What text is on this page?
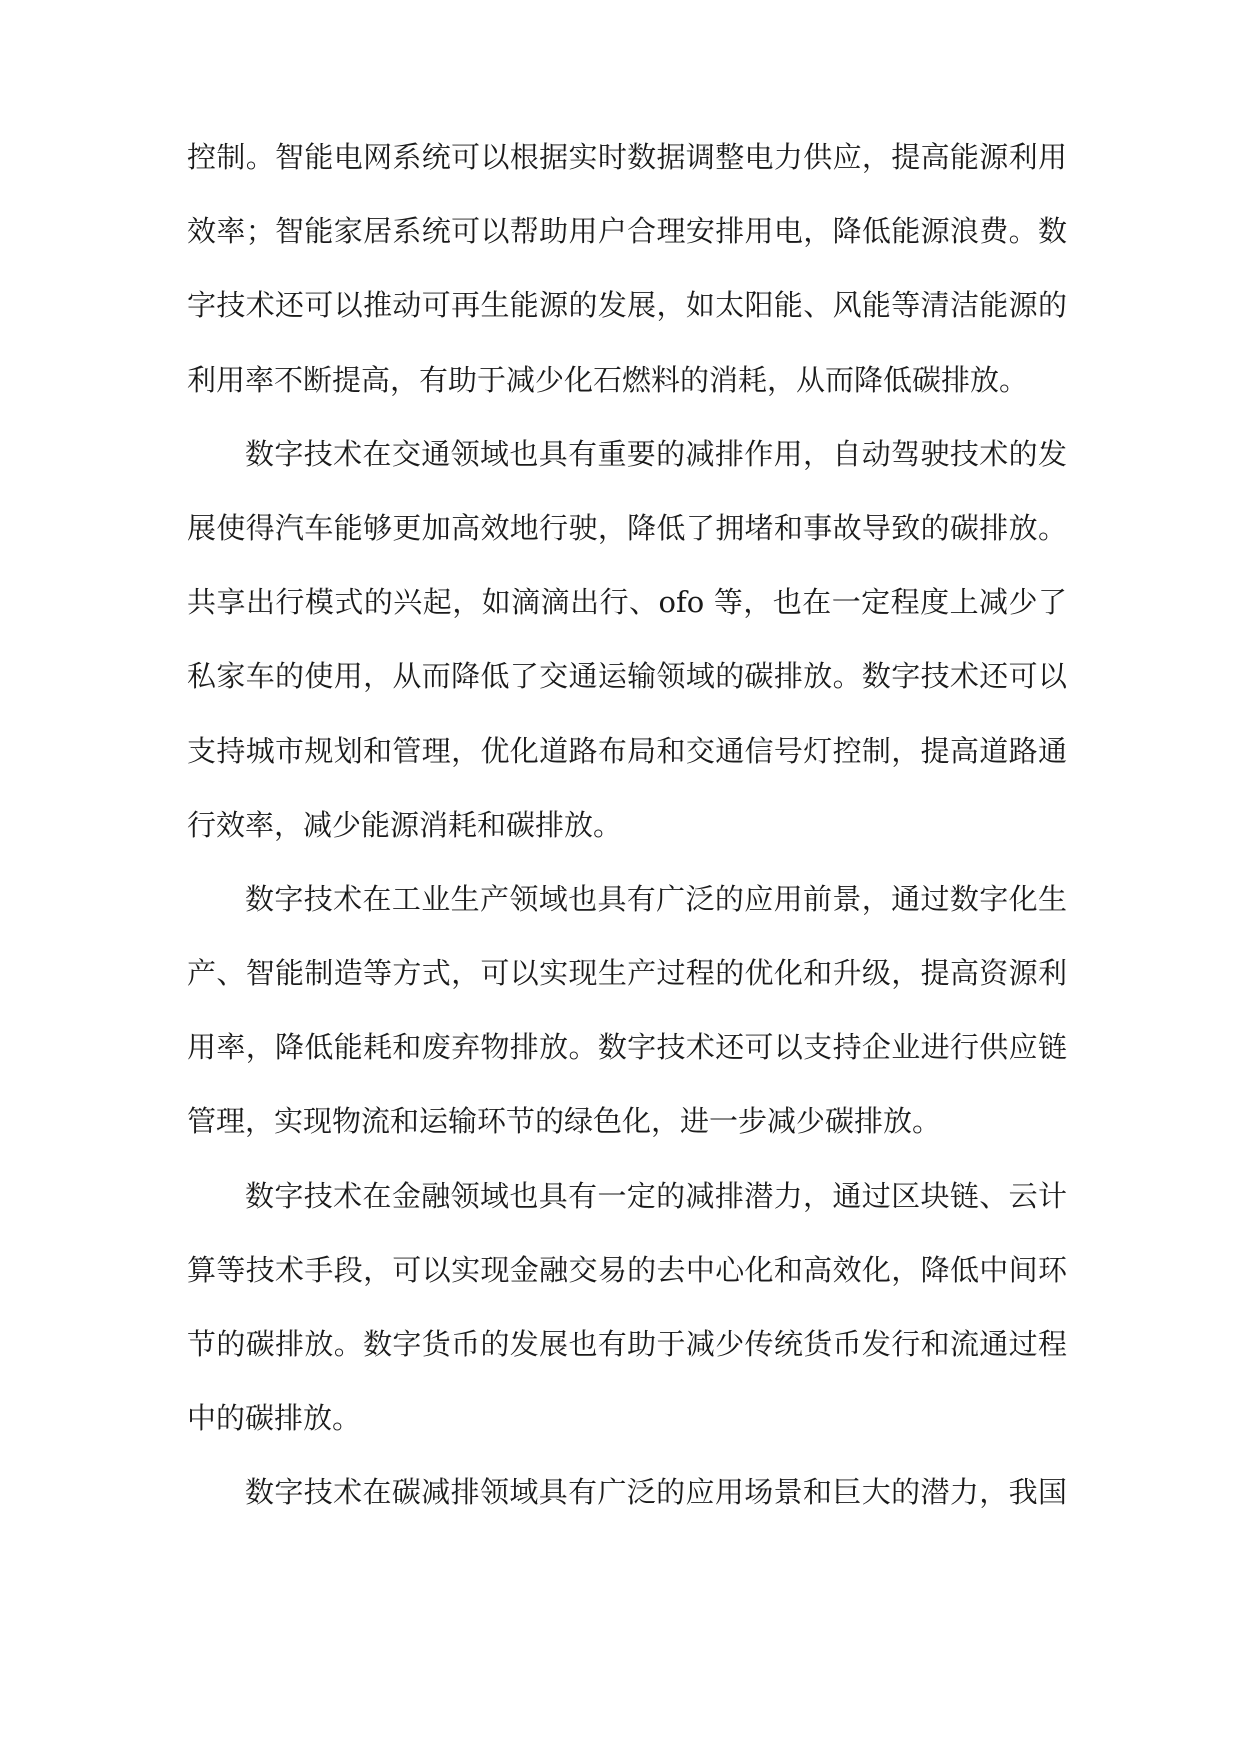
控制。智能电网系统可以根据实时数据调整电力供应，提高能源利用
效率；智能家居系统可以帮助用户合理安排用电，降低能源浪费。数
字技术还可以推动可再生能源的发展，如太阳能、风能等清洁能源的
利用率不断提高，有助于减少化石燃料的消耗，从而降低碳排放。
数字技术在交通领域也具有重要的减排作用，自动驾驶技术的发
展使得汽车能够更加高效地行驶，降低了拥堵和事故导致的碳排放。
共享出行模式的兴起，如滴滴出行、ofo 等，也在一定程度上减少了
私家车的使用，从而降低了交通运输领域的碳排放。数字技术还可以
支持城市规划和管理，优化道路布局和交通信号灯控制，提高道路通
行效率，减少能源消耗和碳排放。
数字技术在工业生产领域也具有广泛的应用前景，通过数字化生
产、智能制造等方式，可以实现生产过程的优化和升级，提高资源利
用率，降低能耗和废弃物排放。数字技术还可以支持企业进行供应链
管理，实现物流和运输环节的绿色化，进一步减少碳排放。
数字技术在金融领域也具有一定的减排潜力，通过区块链、云计
算等技术手段，可以实现金融交易的去中心化和高效化，降低中间环
节的碳排放。数字货币的发展也有助于减少传统货币发行和流通过程
中的碳排放。
数字技术在碳减排领域具有广泛的应用场景和巨大的潜力，我国
